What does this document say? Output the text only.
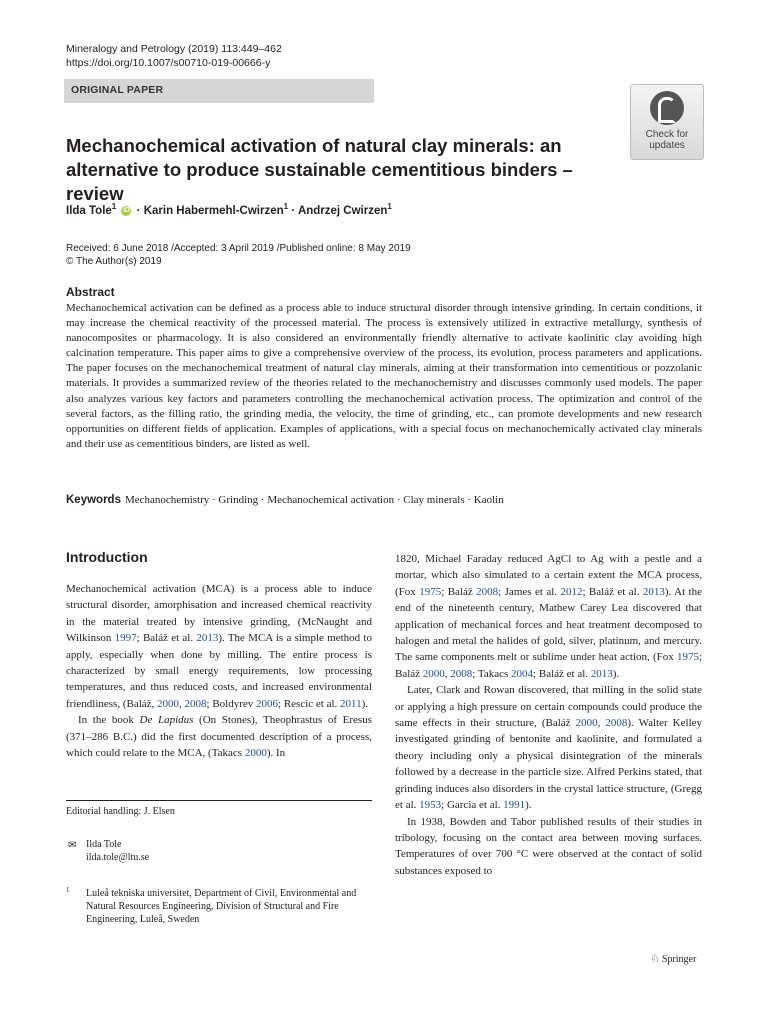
Mineralogy and Petrology (2019) 113:449–462
https://doi.org/10.1007/s00710-019-00666-y
ORIGINAL PAPER
Check for
updates
Mechanochemical activation of natural clay minerals: an alternative to produce sustainable cementitious binders – review
Ilda Tole$^1$ iD · Karin Habermehl-Cwirzen$^1$ · Andrzej Cwirzen$^1$
Received: 6 June 2018 /Accepted: 3 April 2019 /Published online: 8 May 2019
© The Author(s) 2019
Abstract
Mechanochemical activation can be defined as a process able to induce structural disorder through intensive grinding. In certain conditions, it may increase the chemical reactivity of the processed material. The process is extensively utilized in extractive metallurgy, synthesis of nanocomposites or pharmacology. It is also considered an environmentally friendly alternative to activate kaolinitic clay avoiding high calcination temperature. This paper aims to give a comprehensive overview of the process, its evolution, process parameters and applications. The paper focuses on the mechanochemical treatment of natural clay minerals, aiming at their transformation into cementitious or pozzolanic materials. It provides a summarized review of the theories related to the mechanochemistry and discusses commonly used models. The paper also analyzes various key factors and parameters controlling the mechanochemical activation process. The optimization and control of the several factors, as the filling ratio, the grinding media, the velocity, the time of grinding, etc., can promote developments and new research opportunities on different fields of application. Examples of applications, with a special focus on mechanochemically activated clay minerals and their use as cementitious binders, are listed as well.
Keywords Mechanochemistry · Grinding · Mechanochemical activation · Clay minerals · Kaolin
Introduction

Mechanochemical activation (MCA) is a process able to induce structural disorder, amorphisation and increased chemical reactivity in the material treated by intensive grinding, (McNaught and Wilkinson 1997; Baláž et al. 2013). The MCA is a simple method to apply, especially when done by milling. The entire process is characterized by small energy requirements, low processing temperatures, and thus reduced costs, and increased environmental friendliness, (Baláž, 2000, 2008; Boldyrev 2006; Rescic et al. 2011).

In the book De Lapidus (On Stones), Theophrastus of Eresus (371–286 B.C.) did the first documented description of a process, which could relate to the MCA, (Takacs 2000). In

1820, Michael Faraday reduced AgCl to Ag with a pestle and a mortar, which also simulated to a certain extent the MCA process, (Fox 1975; Baláž 2008; James et al. 2012; Baláž et al. 2013). At the end of the nineteenth century, Mathew Carey Lea discovered that application of mechanical forces and heat treatment decomposed to halogen and metal the halides of gold, silver, platinum, and mercury. The same components melt or sublime under heat action, (Fox 1975; Baláž 2000, 2008; Takacs 2004; Baláž et al. 2013).

Later, Clark and Rowan discovered, that milling in the solid state or applying a high pressure on certain compounds could produce the same effects in their structure, (Baláž 2000, 2008). Walter Kelley investigated grinding of bentonite and kaolinite, and formulated a theory including only a physical disintegration of the minerals followed by a decrease in the particle size. Alfred Perkins stated, that grinding induces also disorders in the crystal lattice structure, (Gregg et al. 1953; Garcia et al. 1991).

In 1938, Bowden and Tabor published results of their studies in tribology, focusing on the contact area between moving surfaces. Temperatures of over 700 °C were observed at the contact of solid substances exposed to

Editorial handling: J. Elsen
✉ Ilda Tole
ilda.tole@ltu.se
1 Luleå tekniska universitet, Department of Civil, Environmental and Natural Resources Engineering, Division of Structural and Fire Engineering, Luleå, Sweden
♘ Springer
